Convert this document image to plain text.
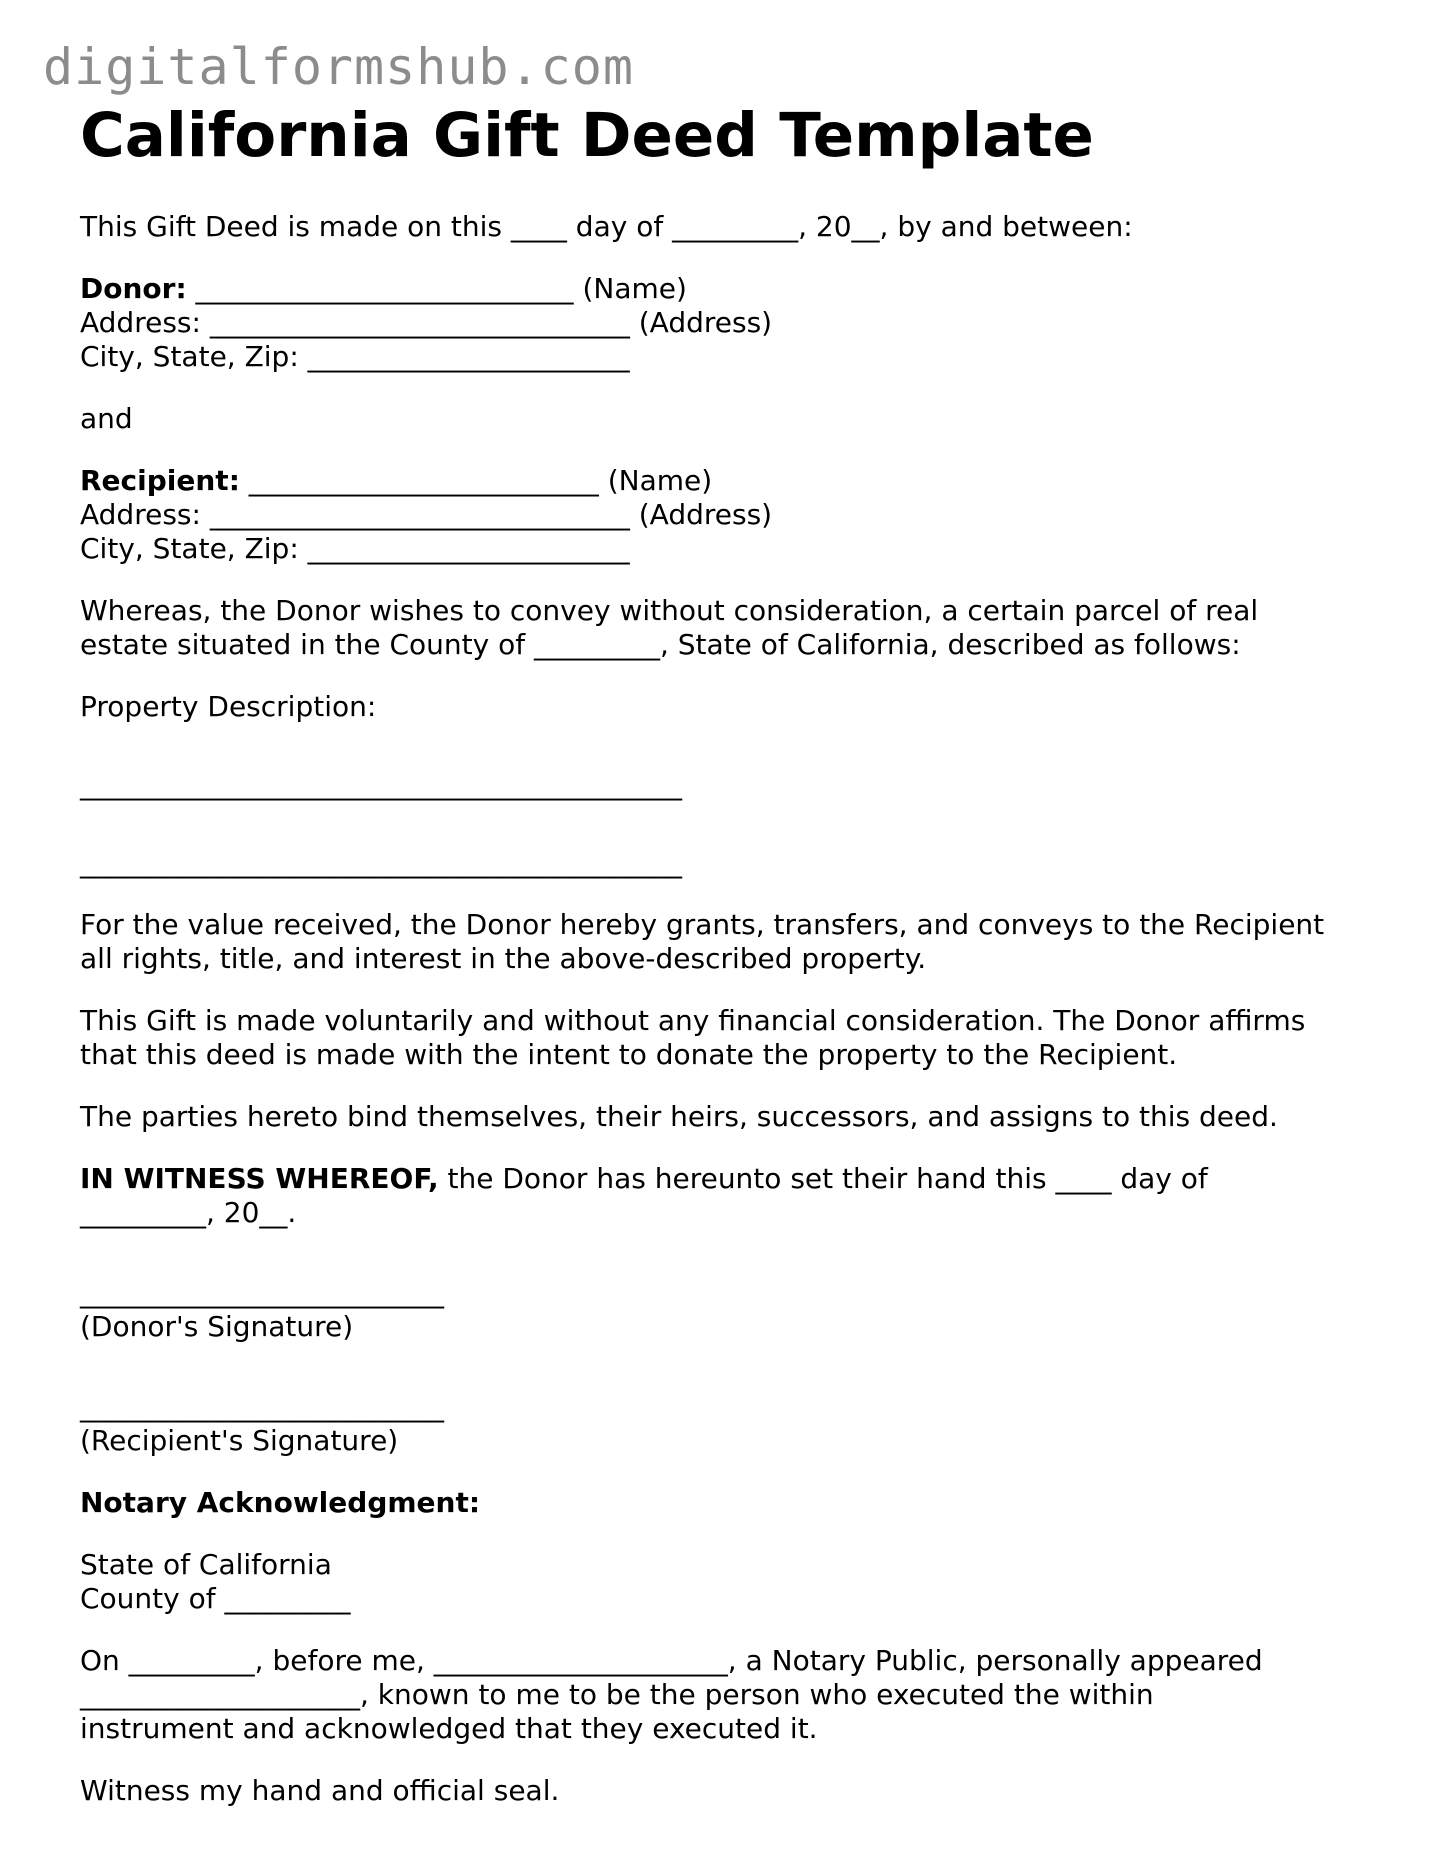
digitalformshub.com
California Gift Deed Template

This Gift Deed is made on this ____ day of _________, 20__, by and between:

Donor: ___________________________ (Name)

Address: ______________________________ (Address)

City, State, Zip: _______________________

and

Recipient: _________________________ (Name)

Address: ______________________________ (Address)

City, State, Zip: _______________________

Whereas, the Donor wishes to convey without consideration, a certain parcel of real

estate situated in the County of _________, State of California, described as follows:

Property Description:

___________________________________________

___________________________________________

For the value received, the Donor hereby grants, transfers, and conveys to the Recipient

all rights, title, and interest in the above-described property.

This Gift is made voluntarily and without any financial consideration. The Donor affirms

that this deed is made with the intent to donate the property to the Recipient.

The parties hereto bind themselves, their heirs, successors, and assigns to this deed.

IN WITNESS WHEREOF, the Donor has hereunto set their hand this ____ day of

_________, 20__.

__________________________

(Donor's Signature)

__________________________

(Recipient's Signature)

Notary Acknowledgment:

State of California

County of _________

On _________, before me, _____________________, a Notary Public, personally appeared

____________________, known to me to be the person who executed the within

instrument and acknowledged that they executed it.

Witness my hand and official seal.
